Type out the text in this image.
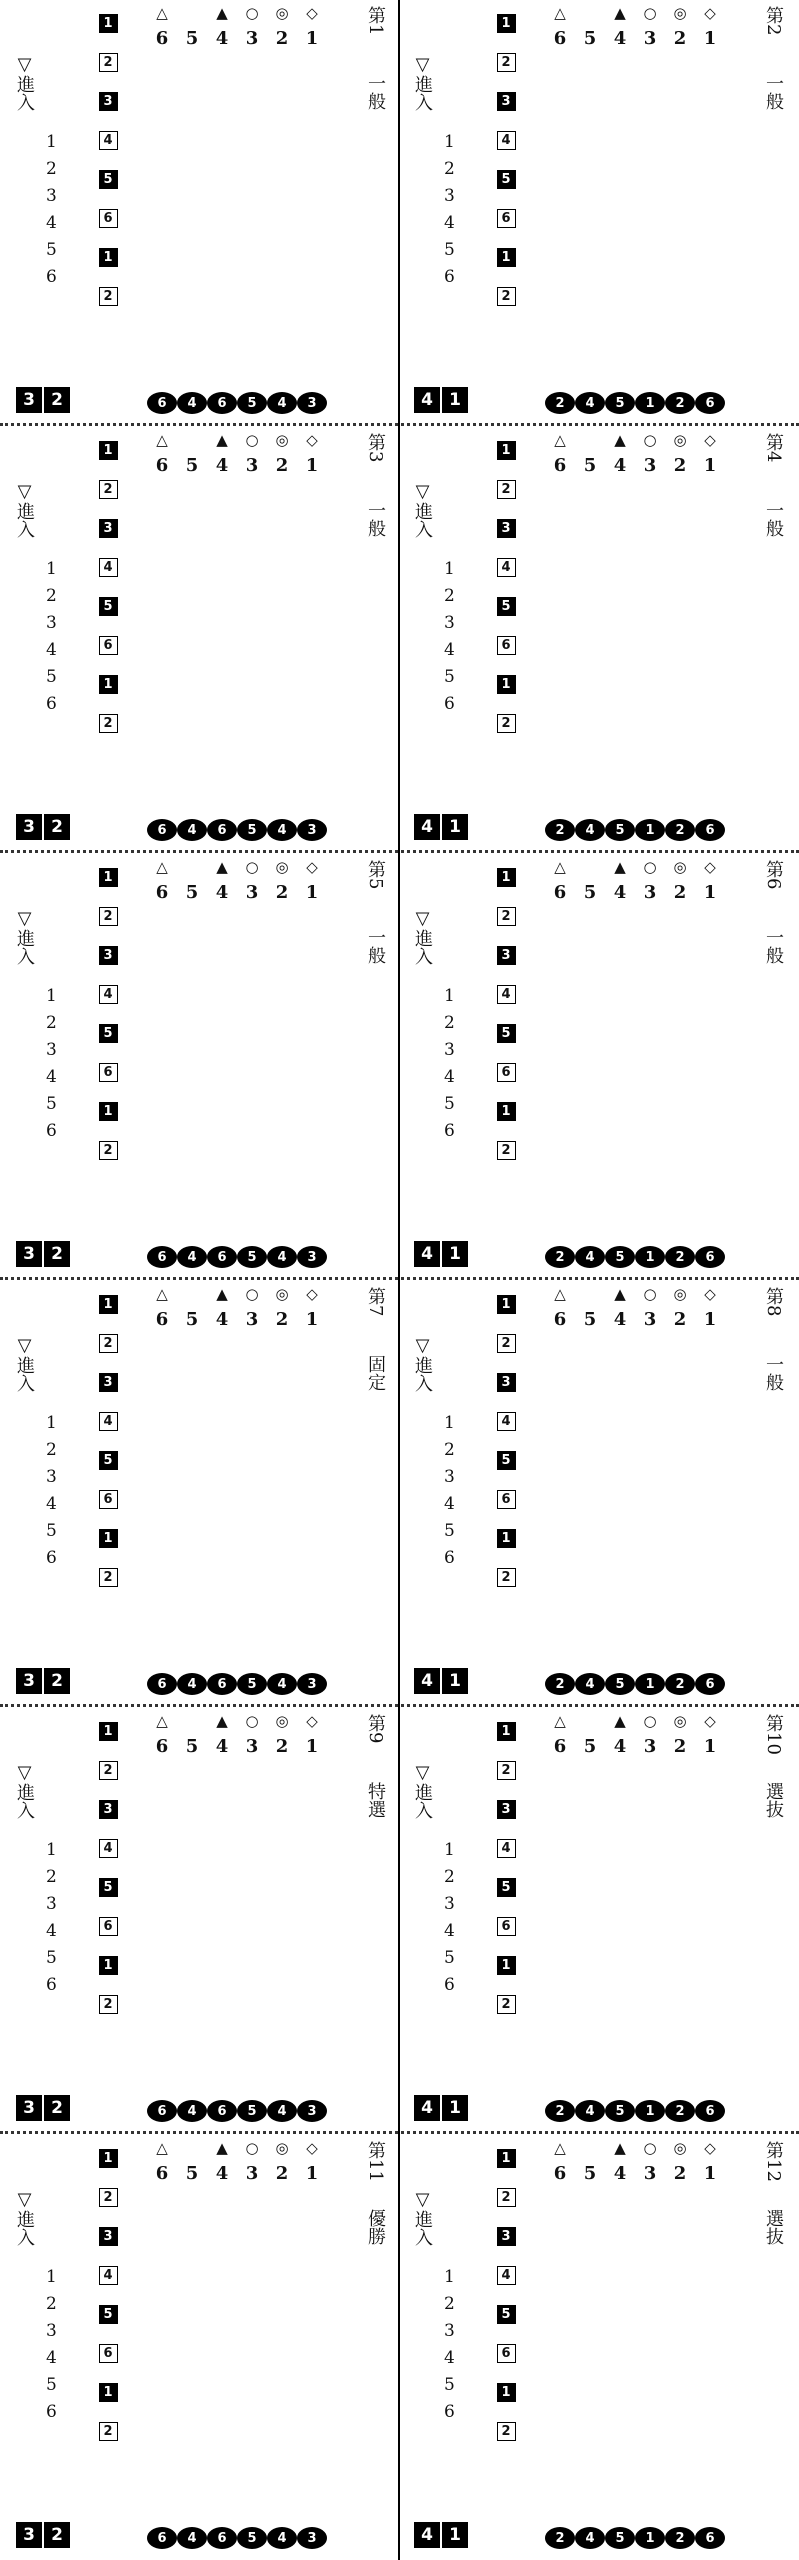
第1
一般
▽進入
1
2
3
4
5
6
6 5 4 3 2 1
△	▲	○	◎	◇
1
2
3
4
5
6
1
2
6	4	6	5	4	3
3 2
第2
一般
▽進入
1
2
3
4
5
6
6 5 4 3 2 1
△	▲	○	◎	◇
1
2
3
4
5
6
1
2
2	4	5	1	2	6
4 1
第3
一般
▽進入
1
2
3
4
5
6
6 5 4 3 2 1
△	▲	○	◎	◇
1
2
3
4
5
6
1
2
6	4	6	5	4	3
3 2
第4
一般
▽進入
1
2
3
4
5
6
6 5 4 3 2 1
△	▲	○	◎	◇
1
2
3
4
5
6
1
2
2	4	5	1	2	6
4 1
第5
一般
▽進入
1
2
3
4
5
6
6 5 4 3 2 1
△	▲	○	◎	◇
1
2
3
4
5
6
1
2
6	4	6	5	4	3
3 2
第6
一般
▽進入
1
2
3
4
5
6
6 5 4 3 2 1
△	▲	○	◎	◇
1
2
3
4
5
6
1
2
2	4	5	1	2	6
4 1
第7
固定
▽進入
1
2
3
4
5
6
6 5 4 3 2 1
△	▲	○	◎	◇
1
2
3
4
5
6
1
2
6	4	6	5	4	3
3 2
第8
一般
▽進入
1
2
3
4
5
6
6 5 4 3 2 1
△	▲	○	◎	◇
1
2
3
4
5
6
1
2
2	4	5	1	2	6
4 1
第9
特選
▽進入
1
2
3
4
5
6
6 5 4 3 2 1
△	▲	○	◎	◇
1
2
3
4
5
6
1
2
6	4	6	5	4	3
3 2
第10
選抜
▽進入
1
2
3
4
5
6
6 5 4 3 2 1
△	▲	○	◎	◇
1
2
3
4
5
6
1
2
2	4	5	1	2	6
4 1
第11
優勝
▽進入
1
2
3
4
5
6
6 5 4 3 2 1
△	▲	○	◎	◇
1
2
3
4
5
6
1
2
6	4	6	5	4	3
3 2
第12
選抜
▽進入
1
2
3
4
5
6
6 5 4 3 2 1
△	▲	○	◎	◇
1
2
3
4
5
6
1
2
2	4	5	1	2	6
4 1
